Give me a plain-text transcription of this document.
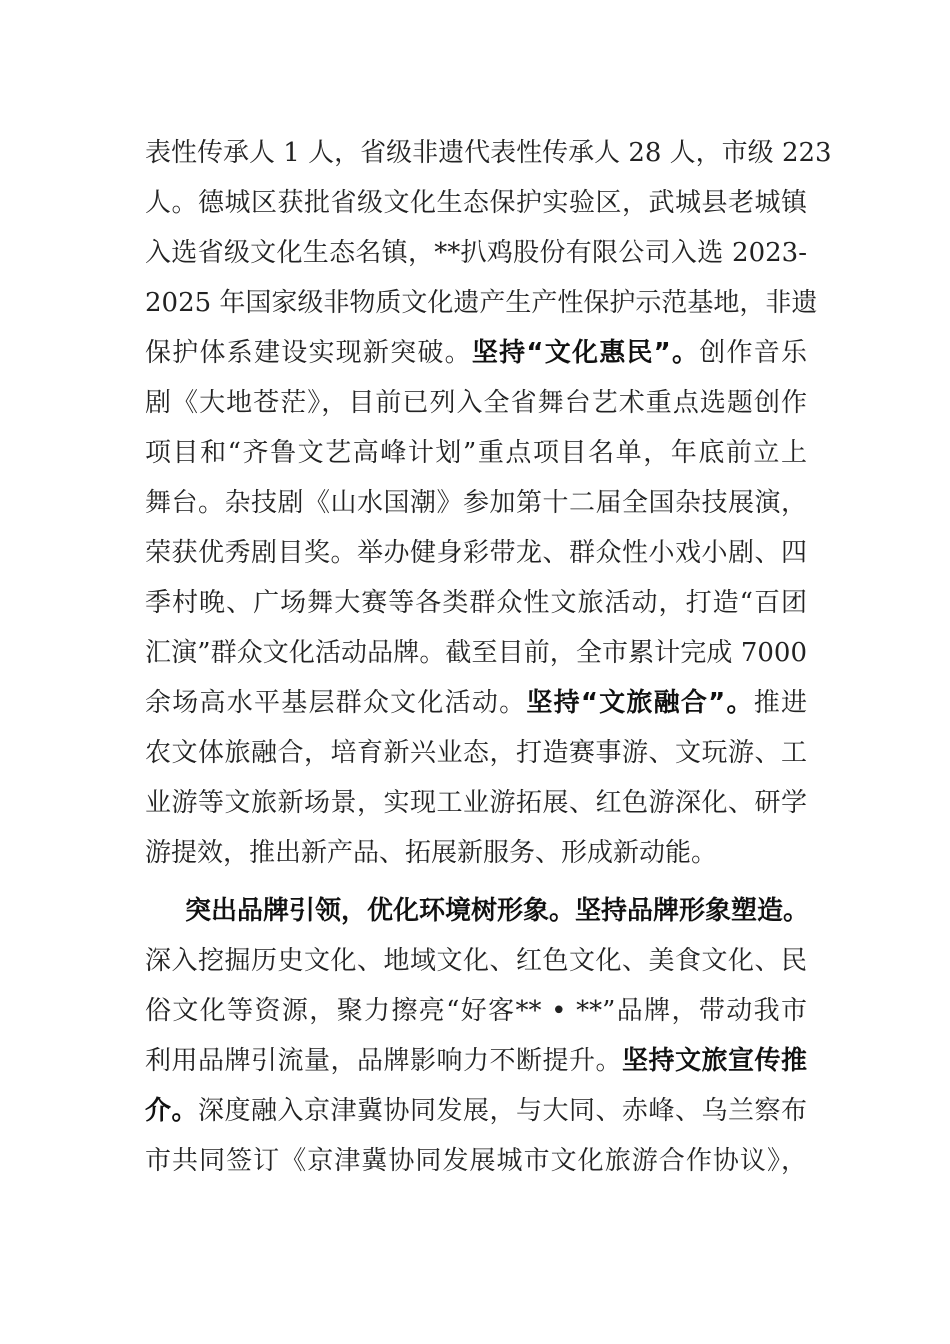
表性传承人 1 人，省级非遗代表性传承人 28 人，市级 223
人。德城区获批省级文化生态保护实验区，武城县老城镇
入选省级文化生态名镇，**扒鸡股份有限公司入选 2023-
2025 年国家级非物质文化遗产生产性保护示范基地，非遗
保护体系建设实现新突破。坚持“文化惠民”。创作音乐
剧《大地苍茫》，目前已列入全省舞台艺术重点选题创作
项目和“齐鲁文艺高峰计划”重点项目名单，年底前立上
舞台。杂技剧《山水国潮》参加第十二届全国杂技展演，
荣获优秀剧目奖。举办健身彩带龙、群众性小戏小剧、四
季村晚、广场舞大赛等各类群众性文旅活动，打造“百团
汇演”群众文化活动品牌。截至目前，全市累计完成 7000
余场高水平基层群众文化活动。坚持“文旅融合”。推进
农文体旅融合，培育新兴业态，打造赛事游、文玩游、工
业游等文旅新场景，实现工业游拓展、红色游深化、研学
游提效，推出新产品、拓展新服务、形成新动能。
突出品牌引领，优化环境树形象。坚持品牌形象塑造。
深入挖掘历史文化、地域文化、红色文化、美食文化、民
俗文化等资源，聚力擦亮“好客** • **”品牌，带动我市
利用品牌引流量，品牌影响力不断提升。坚持文旅宣传推
介。深度融入京津冀协同发展，与大同、赤峰、乌兰察布
市共同签订《京津冀协同发展城市文化旅游合作协议》，
